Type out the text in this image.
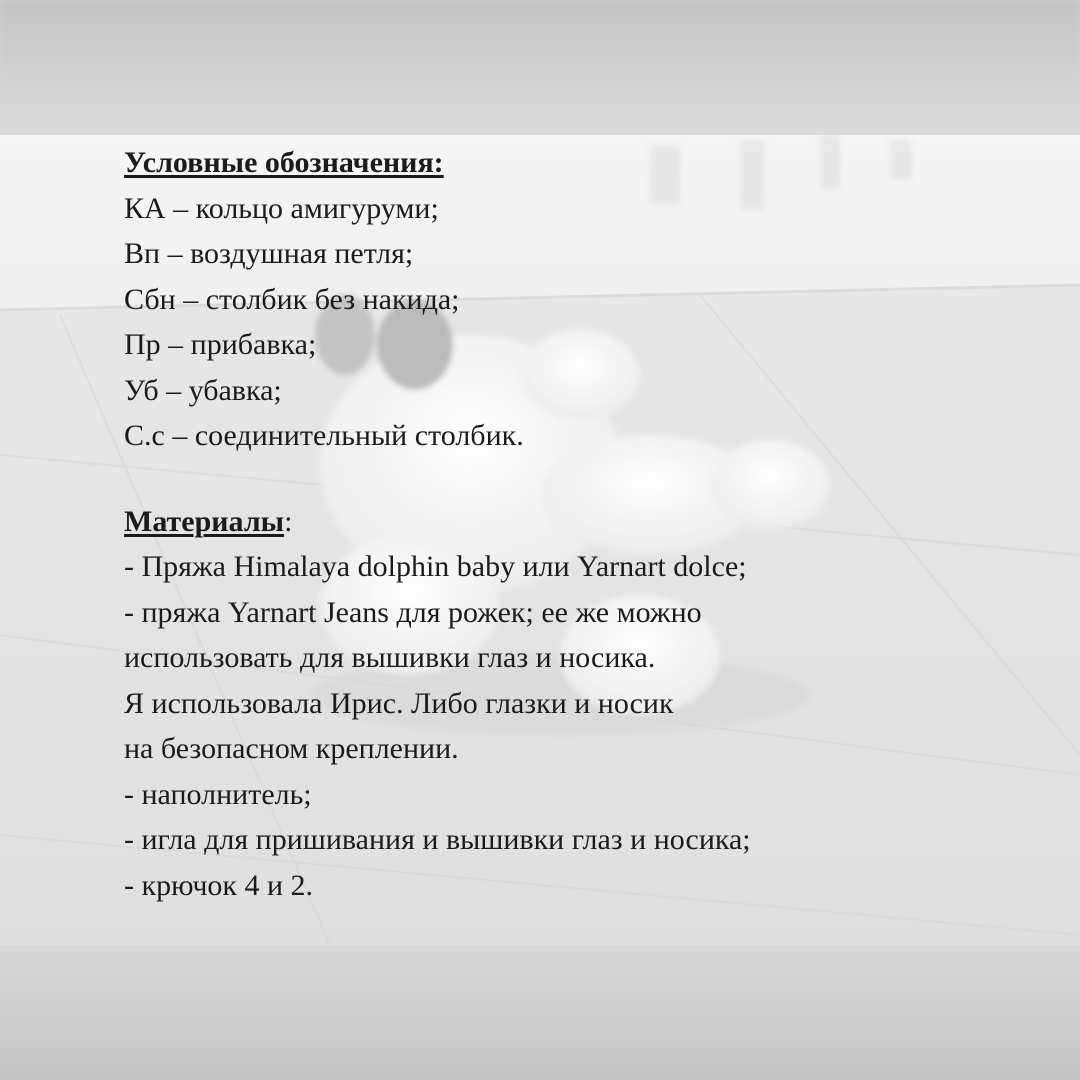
Условные обозначения:
КА – кольцо амигуруми;
Вп – воздушная петля;
Сбн – столбик без накида;
Пр – прибавка;
Уб – убавка;
С.с – соединительный столбик.
Материалы:
- Пряжа Himalaya dolphin baby или Yarnart dolce;
- пряжа Yarnart Jeans для рожек; ее же можно
использовать для вышивки глаз и носика.
Я использовала Ирис. Либо глазки и носик
на безопасном креплении.
- наполнитель;
- игла для пришивания и вышивки глаз и носика;
- крючок 4 и 2.
